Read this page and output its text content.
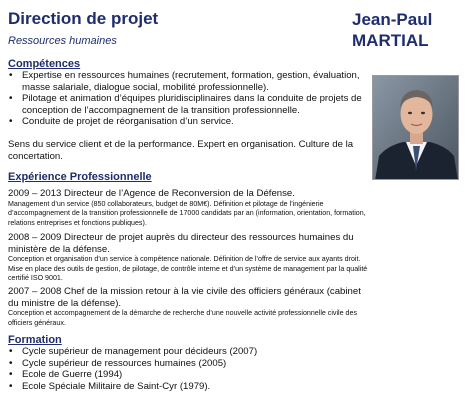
Direction de projet
Ressources humaines
Jean-Paul
MARTIAL
Compétences
• Expertise en ressources humaines (recrutement, formation, gestion, évaluation, masse salariale, dialogue social, mobilité professionnelle).
• Pilotage et animation d’équipes pluridisciplinaires dans la conduite de projets de conception de l’accompagnement de la transition professionnelle.
• Conduite de projet de réorganisation d’un service.
Sens du service client et de la performance. Expert en organisation. Culture de la concertation.
Expérience Professionnelle
2009 – 2013 Directeur de l’Agence de Reconversion de la Défense.
Management d’un service (850 collaborateurs, budget de 80M€). Définition et pilotage de l’ingénierie d’accompagnement de la transition professionnelle de 17000 candidats par an (information, orientation, formation, relations entreprises et fonctions publiques).
2008 – 2009 Directeur de projet auprès du directeur des ressources humaines du ministère de la défense.
Conception et organisation d’un service à compétence nationale. Définition de l’offre de service aux ayants droit. Mise en place des outils de gestion, de pilotage, de contrôle interne et d’un système de management par la qualité certifié ISO 9001.
2007 – 2008 Chef de la mission retour à la vie civile des officiers généraux (cabinet du ministre de la défense).
Conception et accompagnement de la démarche de recherche d’une nouvelle activité professionnelle civile des officiers généraux.
Formation
• Cycle supérieur de management pour décideurs (2007)
• Cycle supérieur de ressources humaines (2005)
• Ecole de Guerre (1994)
• Ecole Spéciale Militaire de Saint-Cyr (1979).
